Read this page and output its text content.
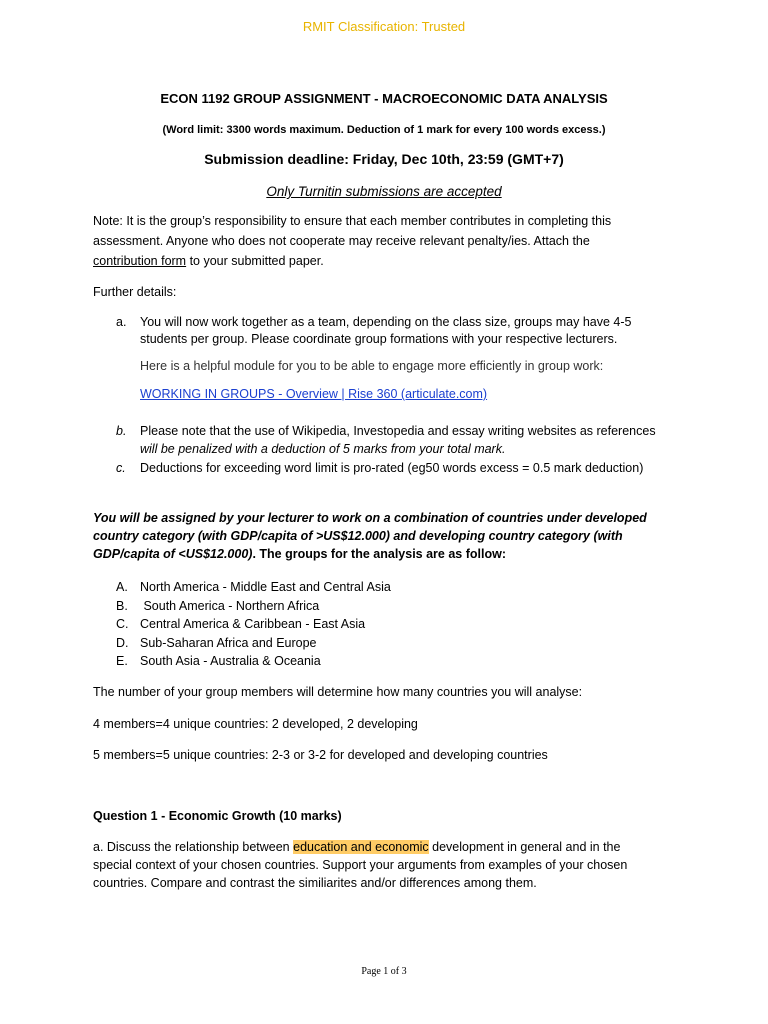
RMIT Classification: Trusted
ECON 1192 GROUP ASSIGNMENT - MACROECONOMIC DATA ANALYSIS
(Word limit: 3300 words maximum. Deduction of 1 mark for every 100 words excess.)
Submission deadline: Friday, Dec 10th, 23:59 (GMT+7)
Only Turnitin submissions are accepted
Note: It is the group’s responsibility to ensure that each member contributes in completing this
assessment. Anyone who does not cooperate may receive relevant penalty/ies. Attach the
contribution form to your submitted paper.
Further details:
a. You will now work together as a team, depending on the class size, groups may have 4-5
students per group. Please coordinate group formations with your respective lecturers.
Here is a helpful module for you to be able to engage more efficiently in group work:
WORKING IN GROUPS - Overview | Rise 360 (articulate.com)
b. Please note that the use of Wikipedia, Investopedia and essay writing websites as references
will be penalized with a deduction of 5 marks from your total mark.
c. Deductions for exceeding word limit is pro-rated (eg50 words excess = 0.5 mark deduction)
You will be assigned by your lecturer to work on a combination of countries under developed
country category (with GDP/capita of >US$12.000) and developing country category (with
GDP/capita of <US$12.000). The groups for the analysis are as follow:
A. North America - Middle East and Central Asia
B. South America - Northern Africa
C. Central America & Caribbean - East Asia
D. Sub-Saharan Africa and Europe
E. South Asia - Australia & Oceania
The number of your group members will determine how many countries you will analyse:
4 members=4 unique countries: 2 developed, 2 developing
5 members=5 unique countries: 2-3 or 3-2 for developed and developing countries
Question 1 - Economic Growth (10 marks)
a. Discuss the relationship between education and economic development in general and in the
special context of your chosen countries. Support your arguments from examples of your chosen
countries. Compare and contrast the similiarites and/or differences among them.
Page 1 of 3
